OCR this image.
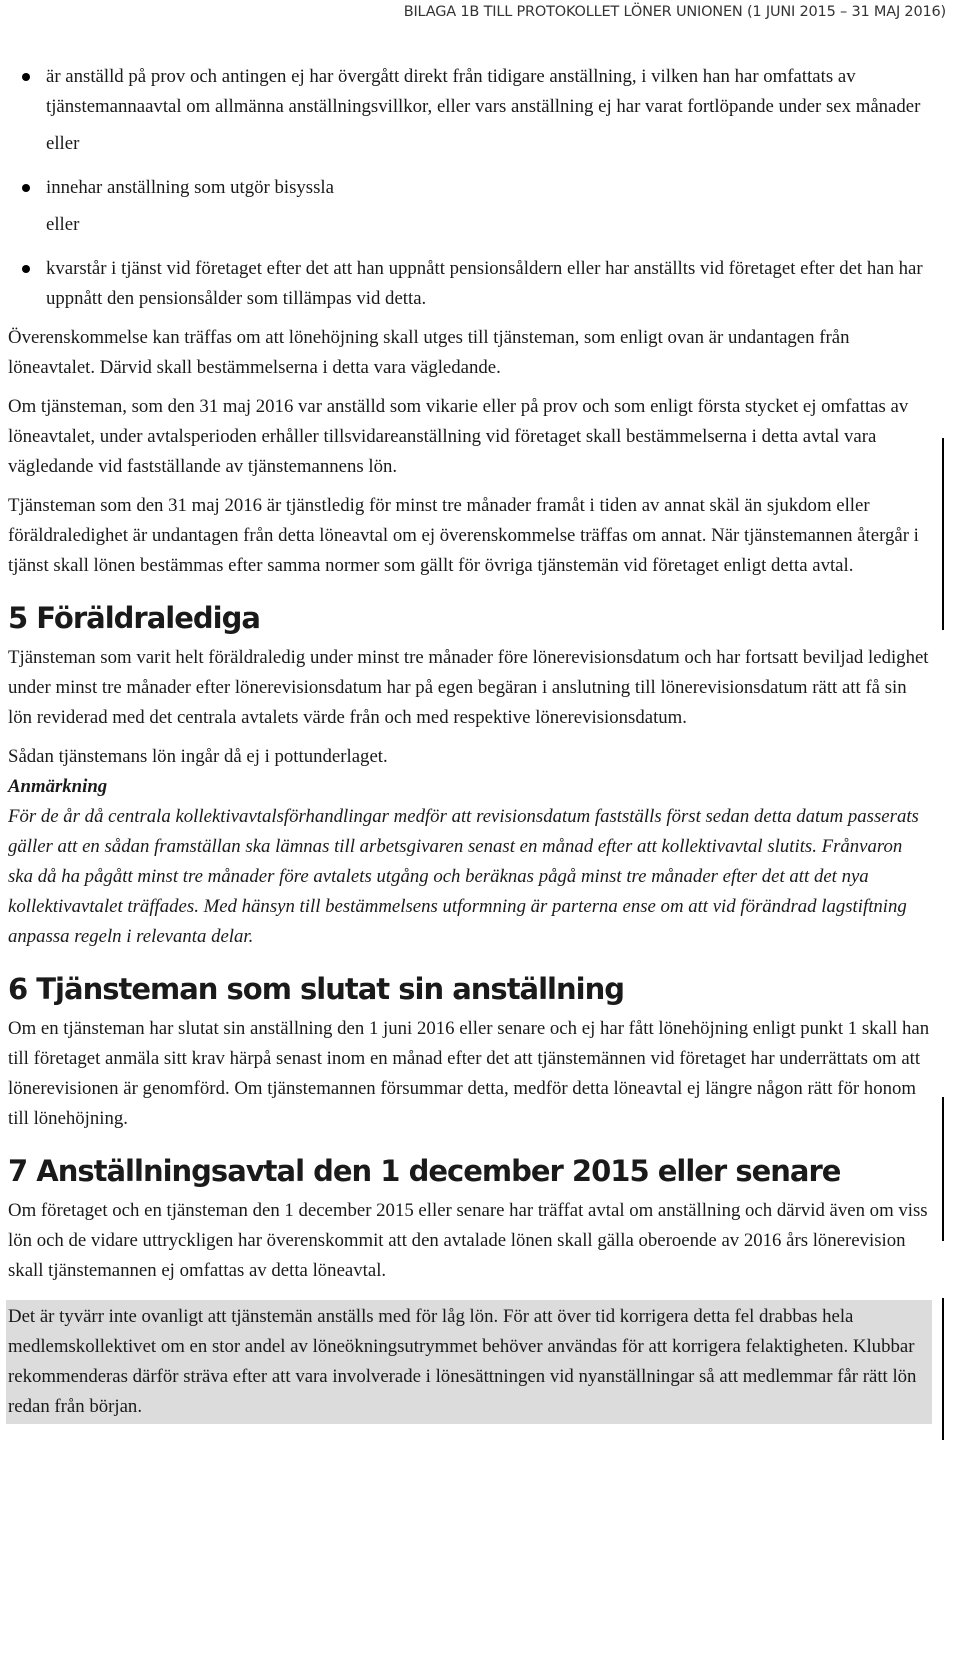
BILAGA 1B TILL PROTOKOLLET LÖNER UNIONEN (1 JUNI 2015 – 31 MAJ 2016)

är anställd på prov och antingen ej har övergått direkt från tidigare anställning, i vilken han har omfattats av tjänstemannaavtal om allmänna anställningsvillkor, eller vars anställning ej har varat fortlöpande under sex månader

eller

innehar anställning som utgör bisyssla

eller

kvarstår i tjänst vid företaget efter det att han uppnått pensionsåldern eller har anställts vid företaget efter det han har uppnått den pensionsålder som tillämpas vid detta.

Överenskommelse kan träffas om att lönehöjning skall utges till tjänsteman, som enligt ovan är undantagen från löneavtalet. Därvid skall bestämmelserna i detta vara vägledande.

Om tjänsteman, som den 31 maj 2016 var anställd som vikarie eller på prov och som enligt första stycket ej omfattas av löneavtalet, under avtalsperioden erhåller tillsvidareanställning vid företaget skall bestämmelserna i detta avtal vara vägledande vid fastställande av tjänstemannens lön.

Tjänsteman som den 31 maj 2016 är tjänstledig för minst tre månader framåt i tiden av annat skäl än sjukdom eller föräldraledighet är undantagen från detta löneavtal om ej överenskommelse träffas om annat. När tjänstemannen återgår i tjänst skall lönen bestämmas efter samma normer som gällt för övriga tjänstemän vid företaget enligt detta avtal.

5 Föräldralediga

Tjänsteman som varit helt föräldraledig under minst tre månader före lönerevisionsdatum och har fortsatt beviljad ledighet under minst tre månader efter lönerevisionsdatum har på egen begäran i anslutning till lönerevisionsdatum rätt att få sin lön reviderad med det centrala avtalets värde från och med respektive lönerevisionsdatum.

Sådan tjänstemans lön ingår då ej i pottunderlaget.

Anmärkning

För de år då centrala kollektivavtalsförhandlingar medför att revisionsdatum fastställs först sedan detta datum passerats gäller att en sådan framställan ska lämnas till arbetsgivaren senast en månad efter att kollektivavtal slutits. Frånvaron ska då ha pågått minst tre månader före avtalets utgång och beräknas pågå minst tre månader efter det att det nya kollektivavtalet träffades. Med hänsyn till bestämmelsens utformning är parterna ense om att vid förändrad lagstiftning anpassa regeln i relevanta delar.

6 Tjänsteman som slutat sin anställning

Om en tjänsteman har slutat sin anställning den 1 juni 2016 eller senare och ej har fått lönehöjning enligt punkt 1 skall han till företaget anmäla sitt krav härpå senast inom en månad efter det att tjänstemännen vid företaget har underrättats om att lönerevisionen är genomförd. Om tjänstemannen försummar detta, medför detta löneavtal ej längre någon rätt för honom till lönehöjning.

7 Anställningsavtal den 1 december 2015 eller senare

Om företaget och en tjänsteman den 1 december 2015 eller senare har träffat avtal om anställning och därvid även om viss lön och de vidare uttryckligen har överenskommit att den avtalade lönen skall gälla oberoende av 2016 års lönerevision skall tjänstemannen ej omfattas av detta löneavtal.

Det är tyvärr inte ovanligt att tjänstemän anställs med för låg lön. För att över tid korrigera detta fel drabbas hela medlemskollektivet om en stor andel av löneökningsutrymmet behöver användas för att korrigera felaktigheten. Klubbar rekommenderas därför sträva efter att vara involverade i lönesättningen vid nyanställningar så att medlemmar får rätt lön redan från början.
